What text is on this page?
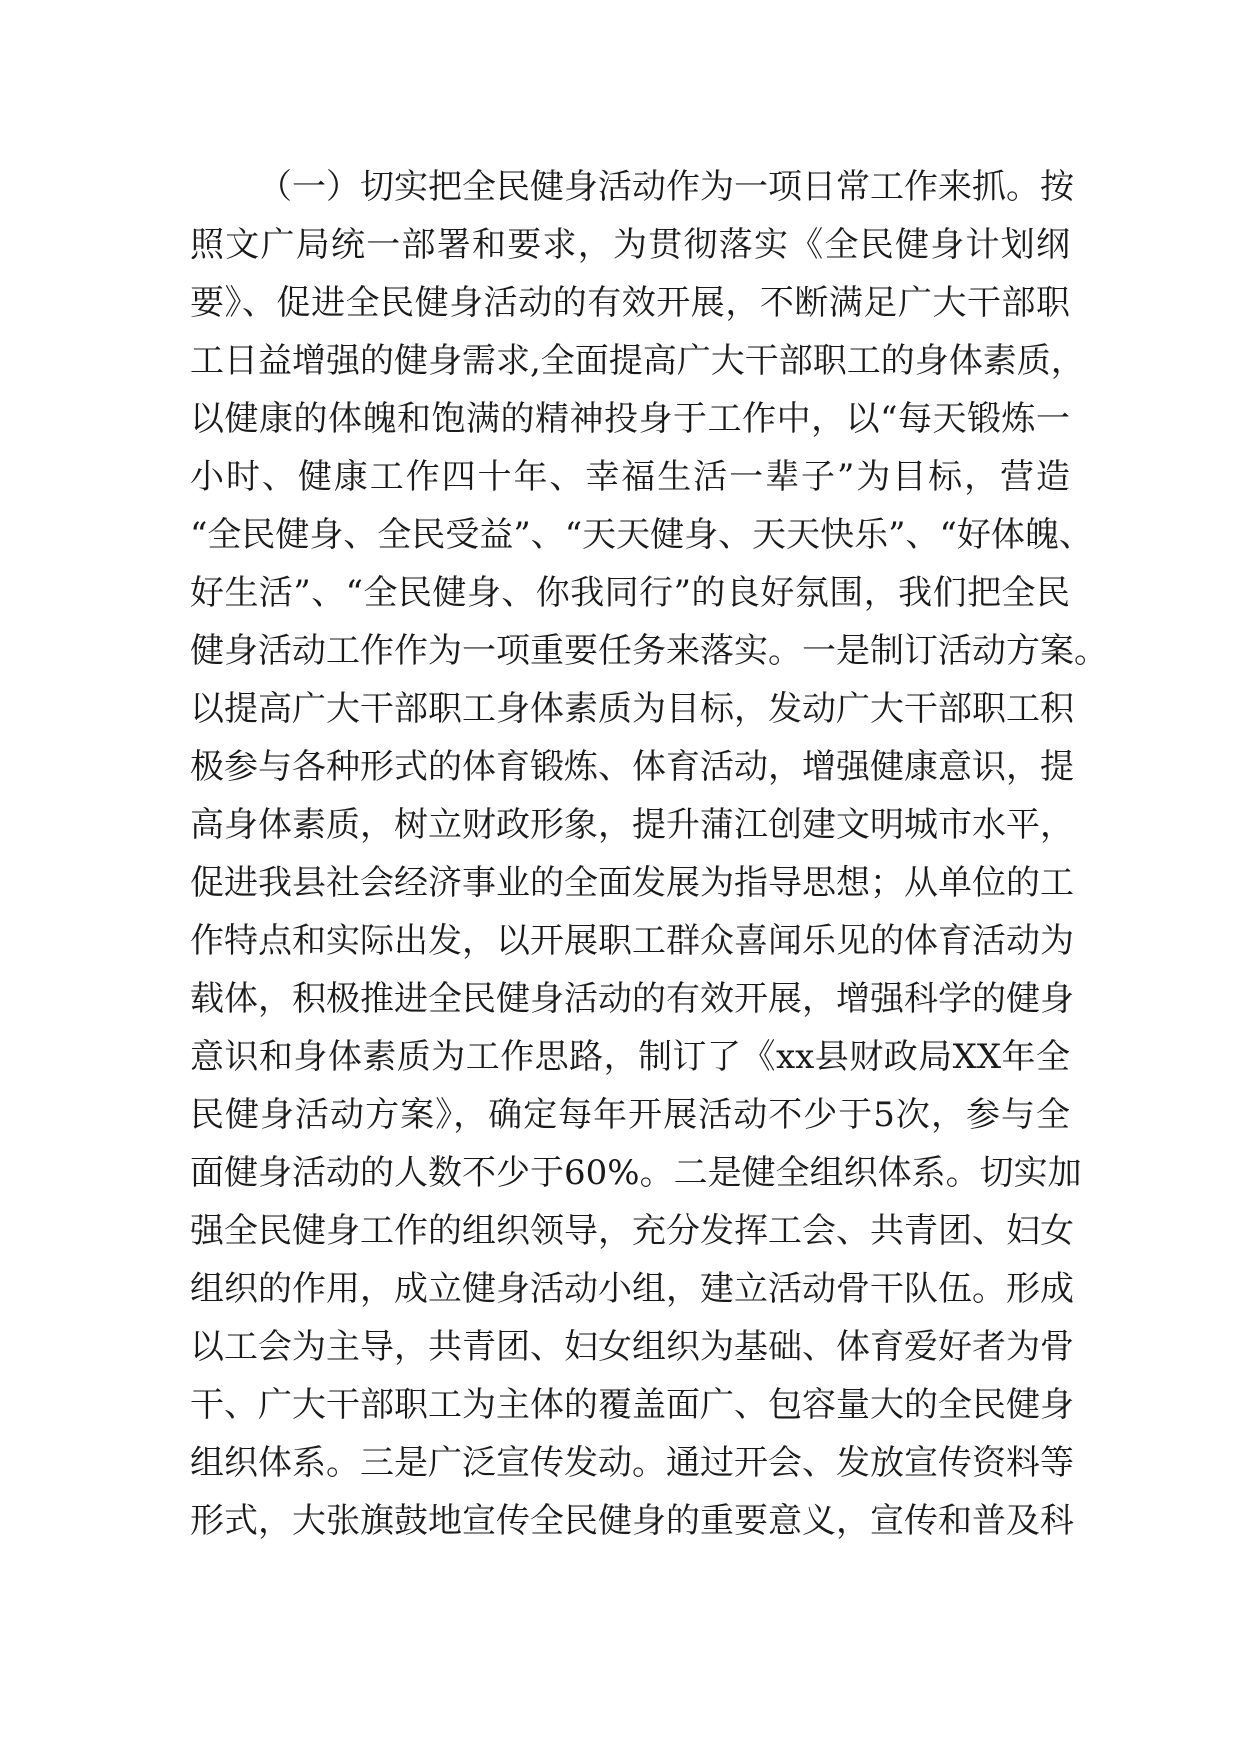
（一）切实把全民健身活动作为一项日常工作来抓。按
照文广局统一部署和要求，为贯彻落实《全民健身计划纲
要》、促进全民健身活动的有效开展，不断满足广大干部职
工日益增强的健身需求,全面提高广大干部职工的身体素质，
以健康的体魄和饱满的精神投身于工作中，以“每天锻炼一
小时、健康工作四十年、幸福生活一辈子”为目标，营造
“全民健身、全民受益”、“天天健身、天天快乐”、“好体魄、
好生活”、“全民健身、你我同行”的良好氛围，我们把全民
健身活动工作作为一项重要任务来落实。一是制订活动方案。
以提高广大干部职工身体素质为目标，发动广大干部职工积
极参与各种形式的体育锻炼、体育活动，增强健康意识，提
高身体素质，树立财政形象，提升蒲江创建文明城市水平，
促进我县社会经济事业的全面发展为指导思想；从单位的工
作特点和实际出发，以开展职工群众喜闻乐见的体育活动为
载体，积极推进全民健身活动的有效开展，增强科学的健身
意识和身体素质为工作思路，制订了《xx县财政局XX年全
民健身活动方案》，确定每年开展活动不少于5次，参与全
面健身活动的人数不少于60%。二是健全组织体系。切实加
强全民健身工作的组织领导，充分发挥工会、共青团、妇女
组织的作用，成立健身活动小组，建立活动骨干队伍。形成
以工会为主导，共青团、妇女组织为基础、体育爱好者为骨
干、广大干部职工为主体的覆盖面广、包容量大的全民健身
组织体系。三是广泛宣传发动。通过开会、发放宣传资料等
形式，大张旗鼓地宣传全民健身的重要意义，宣传和普及科
